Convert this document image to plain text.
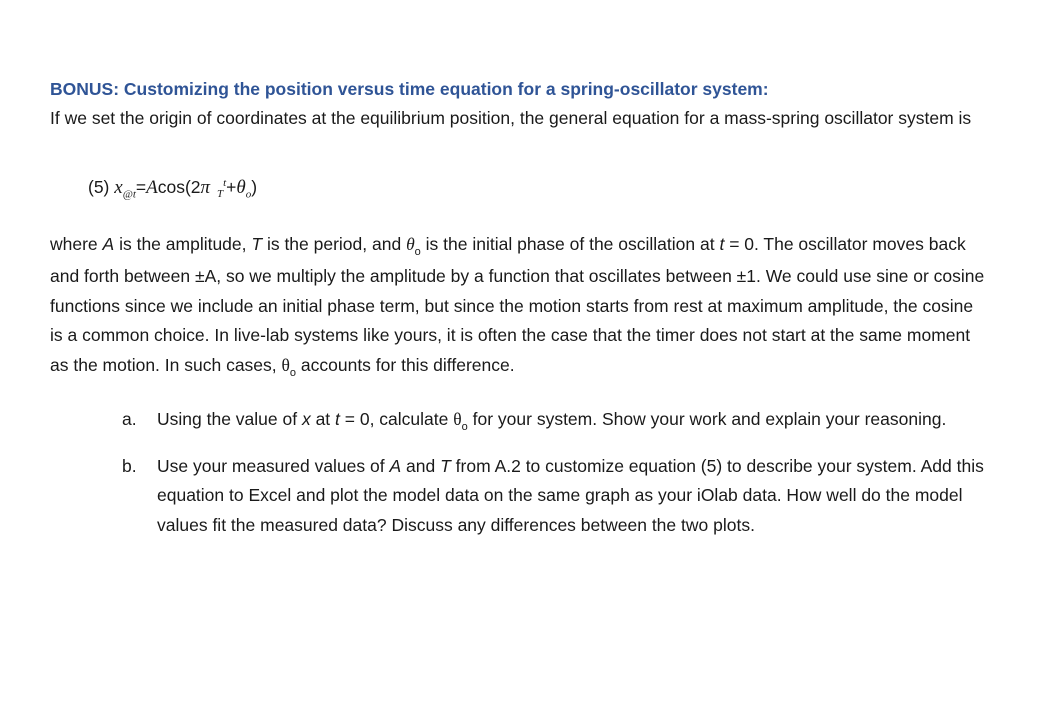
BONUS: Customizing the position versus time equation for a spring-oscillator system:

If we set the origin of coordinates at the equilibrium position, the general equation for a mass-spring oscillator system is

(5) $x_{@t}=Acos(2\pi$ $_T^t+\theta_o$)

where A is the amplitude, T is the period, and $\theta_o$ is the initial phase of the oscillation at t = 0. The oscillator moves back and forth between ±A, so we multiply the amplitude by a function that oscillates between ±1. We could use sine or cosine functions since we include an initial phase term, but since the motion starts from rest at maximum amplitude, the cosine is a common choice. In live-lab systems like yours, it is often the case that the timer does not start at the same moment as the motion. In such cases, $\theta_o$ accounts for this difference.

a.	Using the value of x at t = 0, calculate $\theta_o$ for your system. Show your work and explain your reasoning.
b.	Use your measured values of A and T from A.2 to customize equation (5) to describe your system. Add this equation to Excel and plot the model data on the same graph as your iOlab data. How well do the model values fit the measured data? Discuss any differences between the two plots.
